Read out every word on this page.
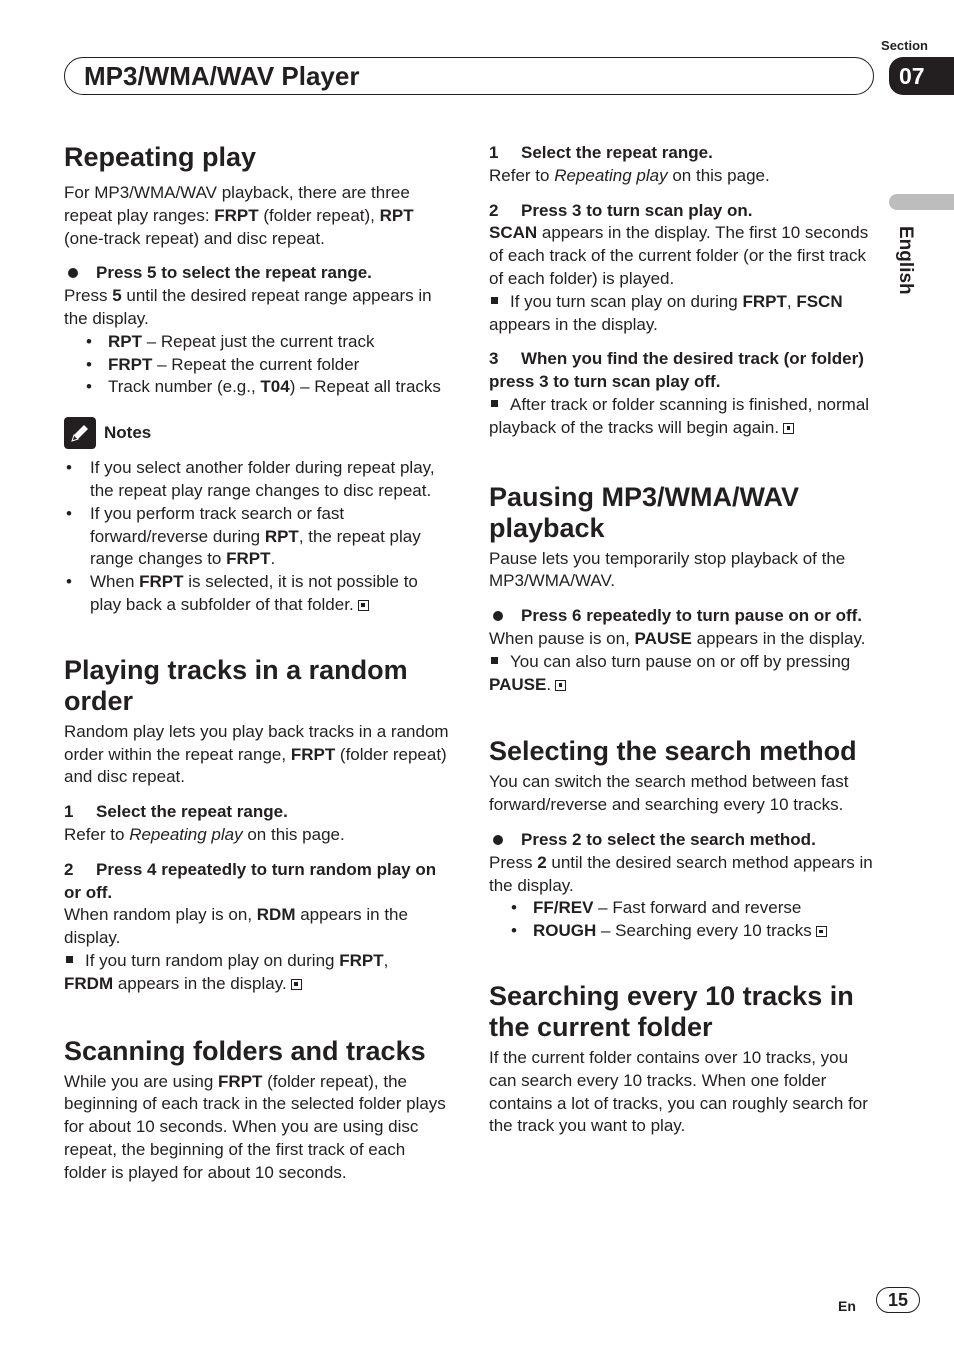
Section
MP3/WMA/WAV Player	07
English
Repeating play

For MP3/WMA/WAV playback, there are three repeat play ranges: FRPT (folder repeat), RPT (one-track repeat) and disc repeat.

Press 5 to select the repeat range.

Press 5 until the desired repeat range appears in the display.

• RPT – Repeat just the current track
• FRPT – Repeat the current folder
• Track number (e.g., T04) – Repeat all tracks
Notes
• If you select another folder during repeat play, the repeat play range changes to disc repeat.
• If you perform track search or fast forward/reverse during RPT, the repeat play range changes to FRPT.
• When FRPT is selected, it is not possible to play back a subfolder of that folder.
Playing tracks in a random order

Random play lets you play back tracks in a random order within the repeat range, FRPT (folder repeat) and disc repeat.

1 Select the repeat range.

Refer to Repeating play on this page.

2 Press 4 repeatedly to turn random play on or off.

When random play is on, RDM appears in the display.

If you turn random play on during FRPT,
FRDM appears in the display.

Scanning folders and tracks

While you are using FRPT (folder repeat), the beginning of each track in the selected folder plays for about 10 seconds. When you are using disc repeat, the beginning of the first track of each folder is played for about 10 seconds.

1 Select the repeat range.

Refer to Repeating play on this page.

2 Press 3 to turn scan play on.

SCAN appears in the display. The first 10 seconds of each track of the current folder (or the first track of each folder) is played.

If you turn scan play on during FRPT, FSCN appears in the display.

3 When you find the desired track (or folder) press 3 to turn scan play off.

After track or folder scanning is finished, normal playback of the tracks will begin again.

Pausing MP3/WMA/WAV playback

Pause lets you temporarily stop playback of the MP3/WMA/WAV.

Press 6 repeatedly to turn pause on or off.

When pause is on, PAUSE appears in the display.

You can also turn pause on or off by pressing PAUSE.

Selecting the search method

You can switch the search method between fast forward/reverse and searching every 10 tracks.

Press 2 to select the search method.

Press 2 until the desired search method appears in the display.

• FF/REV – Fast forward and reverse
• ROUGH – Searching every 10 tracks
Searching every 10 tracks in the current folder

If the current folder contains over 10 tracks, you can search every 10 tracks. When one folder contains a lot of tracks, you can roughly search for the track you want to play.

En	15
